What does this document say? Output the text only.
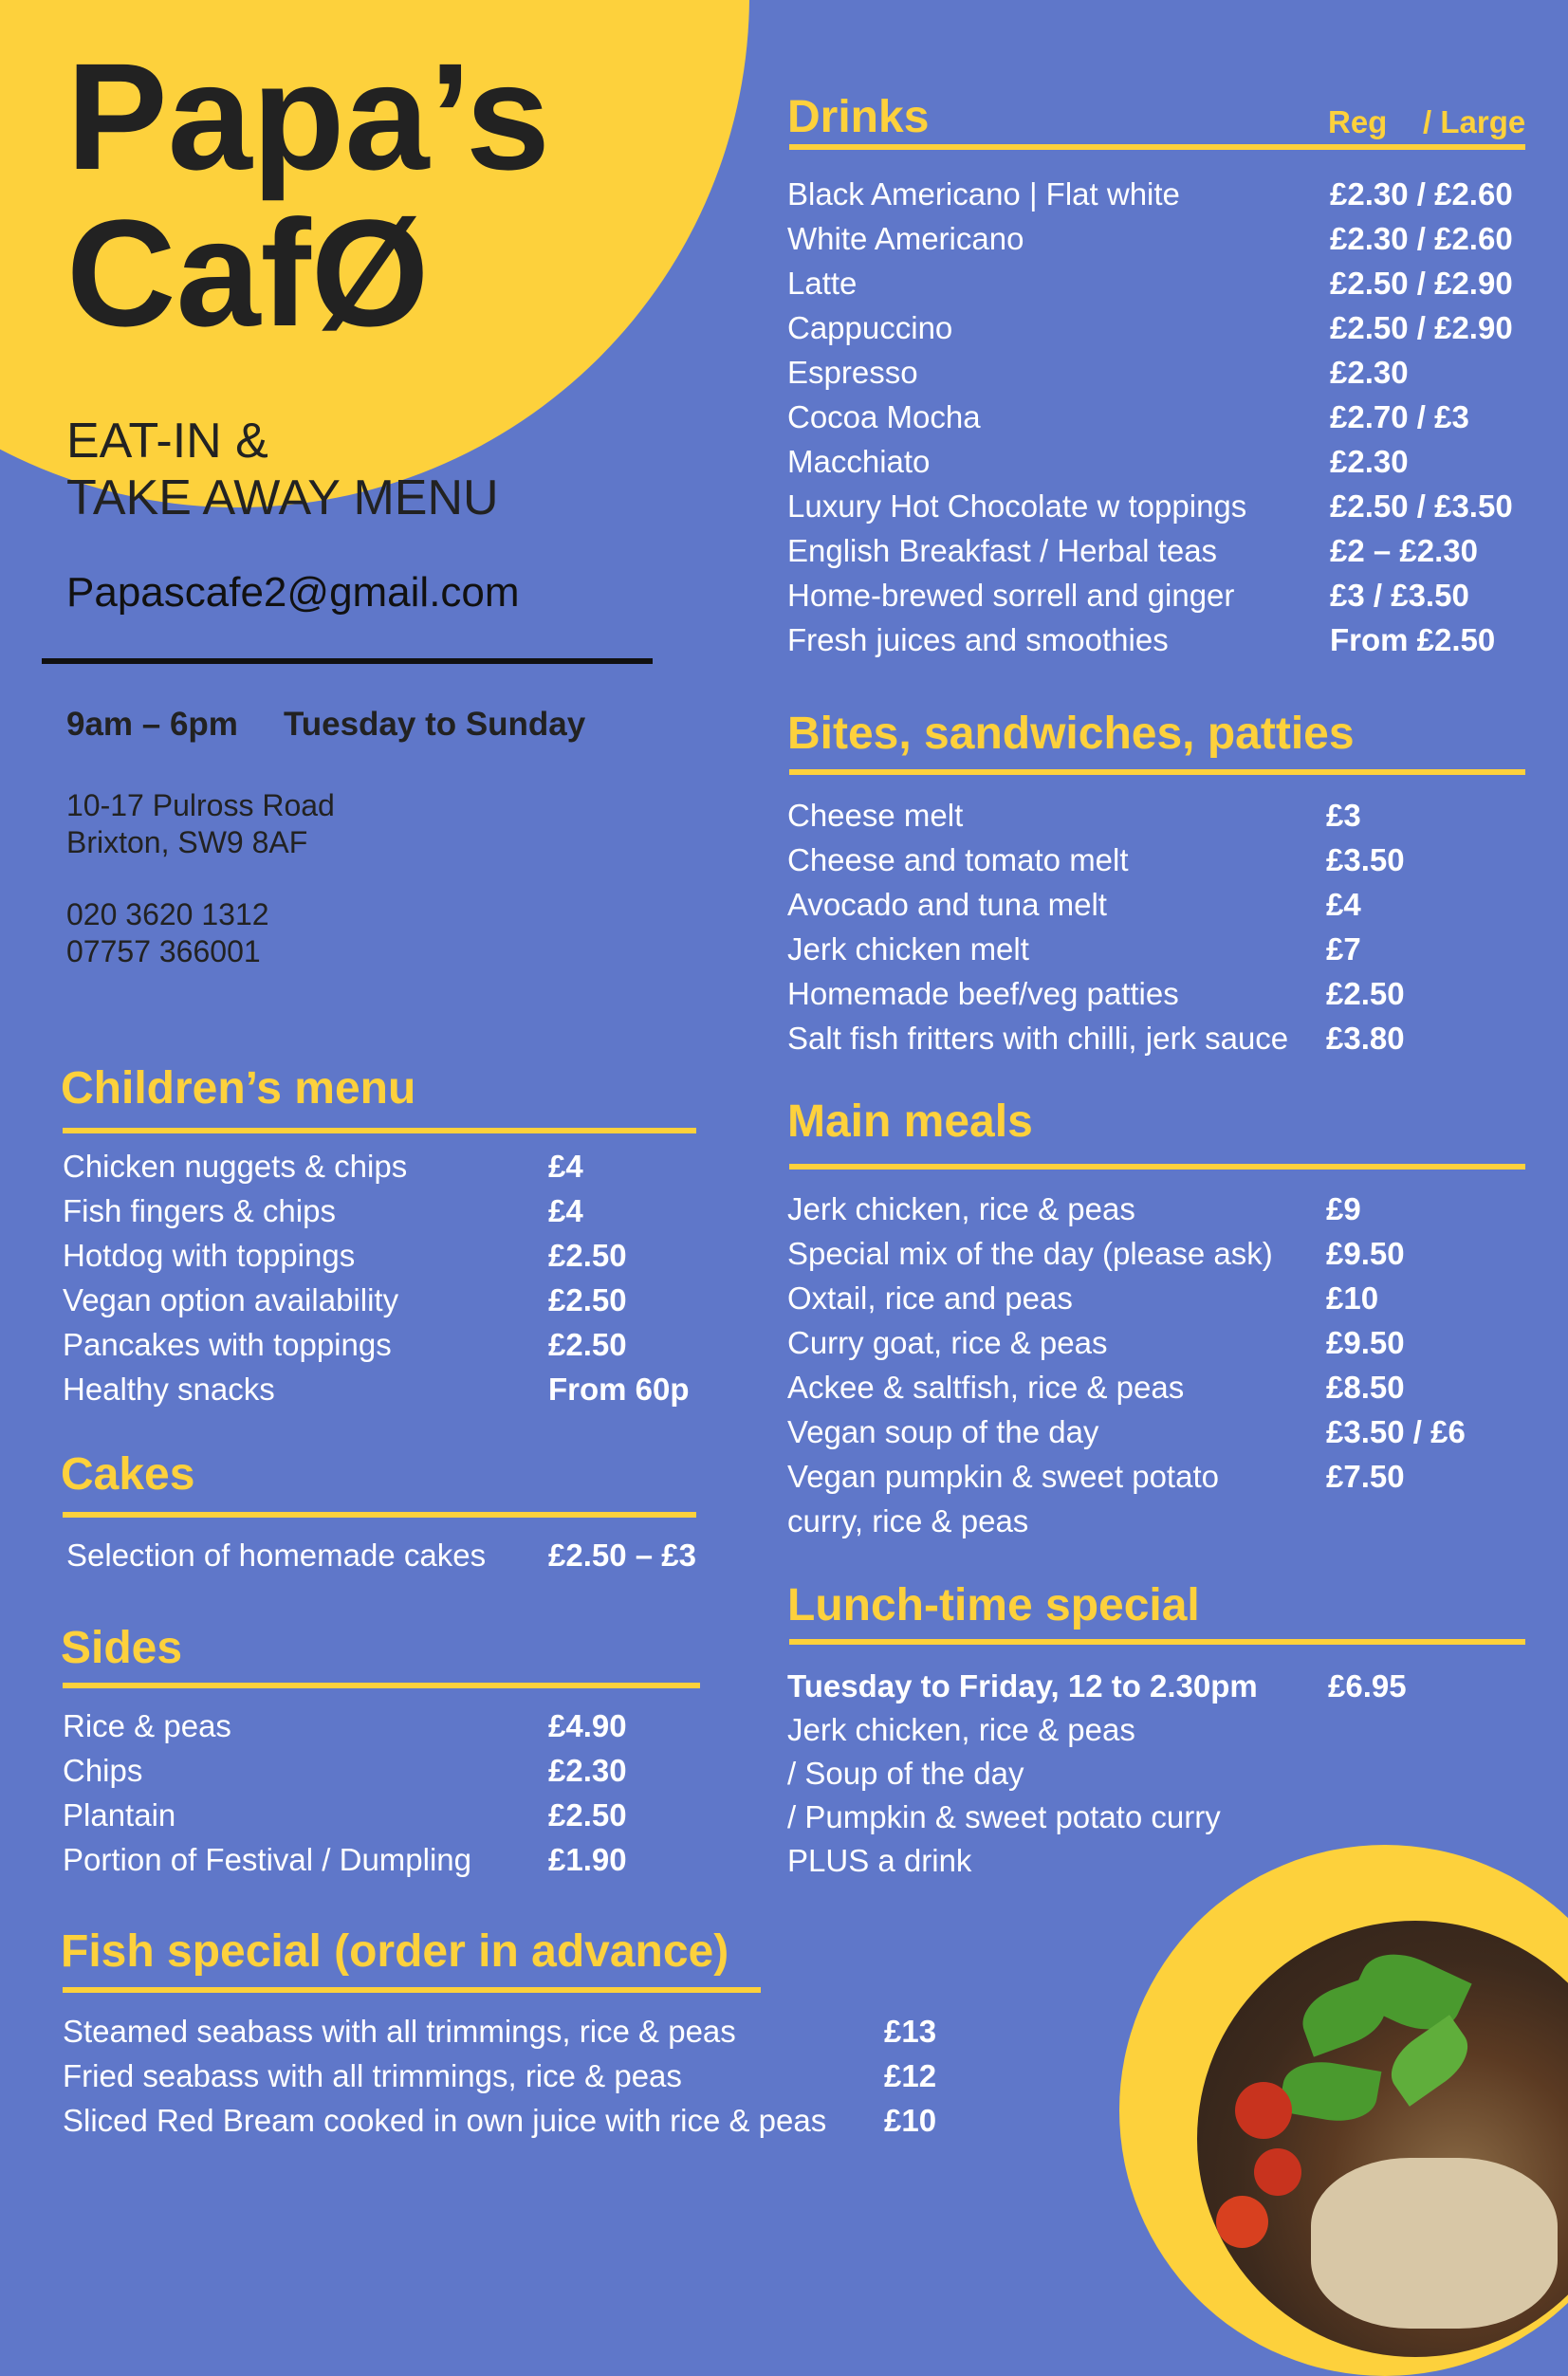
Papa’s
CafØ
EAT-IN &
TAKE AWAY MENU
Papascafe2@gmail.com
9am – 6pm Tuesday to Sunday
10-17 Pulross Road
Brixton, SW9 8AF
020 3620 1312
07757 366001
Drinks	Reg / Large
Black Americano | Flat white	£2.30 / £2.60
White Americano	£2.30 / £2.60
Latte	£2.50 / £2.90
Cappuccino	£2.50 / £2.90
Espresso	£2.30
Cocoa Mocha	£2.70 / £3
Macchiato	£2.30
Luxury Hot Chocolate w toppings	£2.50 / £3.50
English Breakfast / Herbal teas	£2 – £2.30
Home-brewed sorrell and ginger	£3 / £3.50
Fresh juices and smoothies	From £2.50
Bites, sandwiches, patties
Cheese melt	£3
Cheese and tomato melt	£3.50
Avocado and tuna melt	£4
Jerk chicken melt	£7
Homemade beef/veg patties	£2.50
Salt fish fritters with chilli, jerk sauce £3.80
Main meals
Jerk chicken, rice & peas	£9
Special mix of the day (please ask) £9.50
Oxtail, rice and peas	£10
Curry goat, rice & peas	£9.50
Ackee & saltfish, rice & peas	£8.50
Vegan soup of the day	£3.50 / £6
Vegan pumpkin & sweet potato	£7.50
curry, rice & peas
Lunch-time special
Tuesday to Friday, 12 to 2.30pm £6.95
Jerk chicken, rice & peas
/ Soup of the day
/ Pumpkin & sweet potato curry
PLUS a drink
Children’s menu
Chicken nuggets & chips	£4
Fish fingers & chips	£4
Hotdog with toppings	£2.50
Vegan option availability	£2.50
Pancakes with toppings	£2.50
Healthy snacks	From 60p
Cakes
Selection of homemade cakes £2.50 – £3
Sides
Rice & peas	£4.90
Chips	£2.30
Plantain	£2.50
Portion of Festival / Dumpling £1.90
Fish special (order in advance)
Steamed seabass with all trimmings, rice & peas	£13
Fried seabass with all trimmings, rice & peas	£12
Sliced Red Bream cooked in own juice with rice & peas £10
